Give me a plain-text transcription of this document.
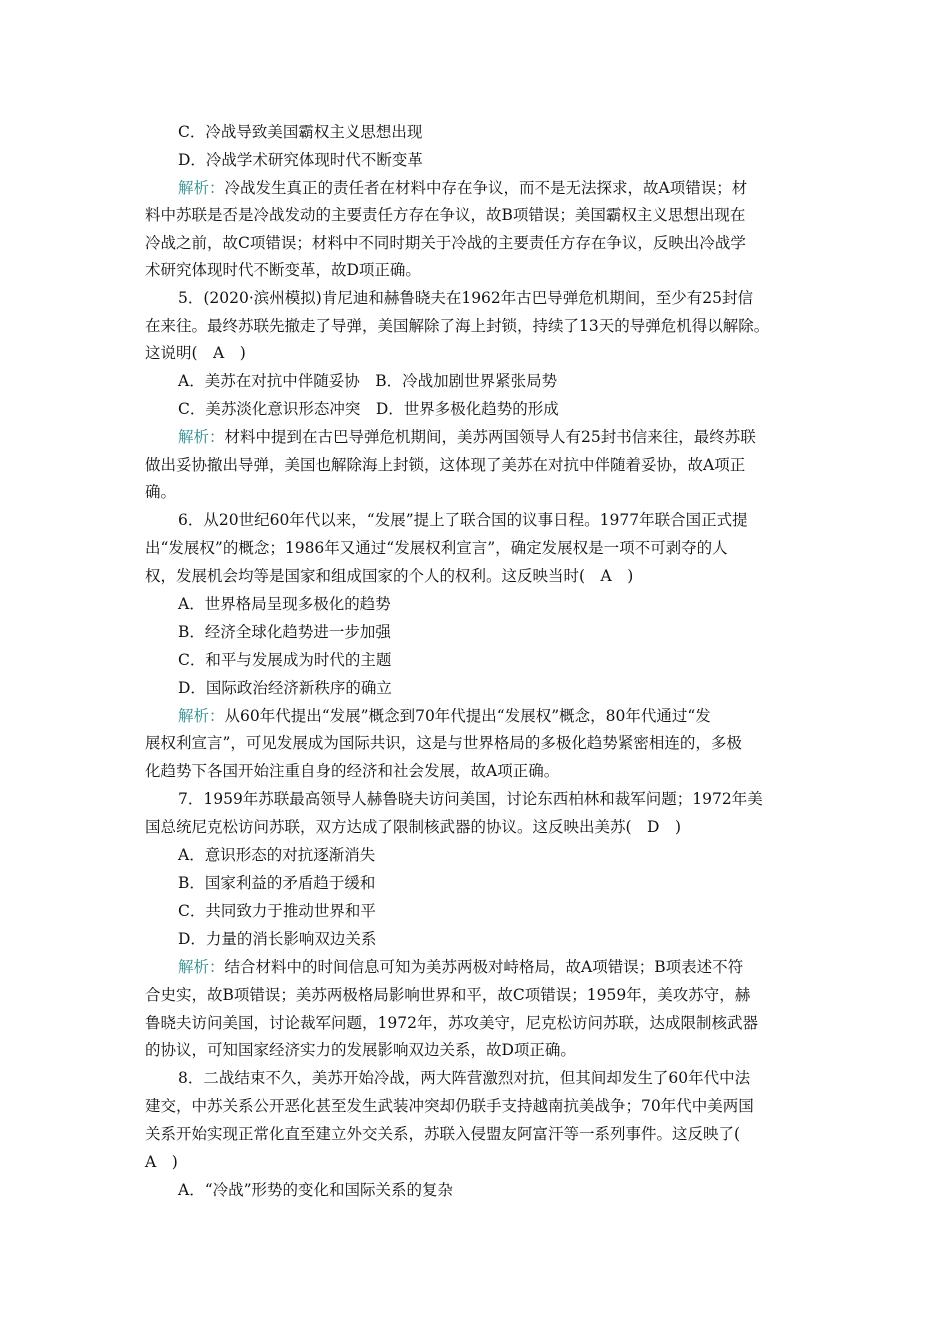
C．冷战导致美国霸权主义思想出现
D．冷战学术研究体现时代不断变革
解析：冷战发生真正的责任者在材料中存在争议，而不是无法探求，故A项错误；材
料中苏联是否是冷战发动的主要责任方存在争议，故B项错误；美国霸权主义思想出现在
冷战之前，故C项错误；材料中不同时期关于冷战的主要责任方存在争议，反映出冷战学
术研究体现时代不断变革，故D项正确。
5．(2020·滨州模拟)肯尼迪和赫鲁晓夫在1962年古巴导弹危机期间，至少有25封信
在来往。最终苏联先撤走了导弹，美国解除了海上封锁，持续了13天的导弹危机得以解除。
这说明(　A　)
A．美苏在对抗中伴随妥协　B．冷战加剧世界紧张局势
C．美苏淡化意识形态冲突　D．世界多极化趋势的形成
解析：材料中提到在古巴导弹危机期间，美苏两国领导人有25封书信来往，最终苏联
做出妥协撤出导弹，美国也解除海上封锁，这体现了美苏在对抗中伴随着妥协，故A项正
确。
6．从20世纪60年代以来，“发展”提上了联合国的议事日程。1977年联合国正式提
出“发展权”的概念；1986年又通过“发展权利宣言”，确定发展权是一项不可剥夺的人
权，发展机会均等是国家和组成国家的个人的权利。这反映当时(　A　)
A．世界格局呈现多极化的趋势
B．经济全球化趋势进一步加强
C．和平与发展成为时代的主题
D．国际政治经济新秩序的确立
解析：从60年代提出“发展”概念到70年代提出“发展权”概念，80年代通过“发
展权利宣言”，可见发展成为国际共识，这是与世界格局的多极化趋势紧密相连的，多极
化趋势下各国开始注重自身的经济和社会发展，故A项正确。
7．1959年苏联最高领导人赫鲁晓夫访问美国，讨论东西柏林和裁军问题；1972年美
国总统尼克松访问苏联，双方达成了限制核武器的协议。这反映出美苏(　D　)
A．意识形态的对抗逐渐消失
B．国家利益的矛盾趋于缓和
C．共同致力于推动世界和平
D．力量的消长影响双边关系
解析：结合材料中的时间信息可知为美苏两极对峙格局，故A项错误；B项表述不符
合史实，故B项错误；美苏两极格局影响世界和平，故C项错误；1959年，美攻苏守，赫
鲁晓夫访问美国，讨论裁军问题，1972年，苏攻美守，尼克松访问苏联，达成限制核武器
的协议，可知国家经济实力的发展影响双边关系，故D项正确。
8．二战结束不久，美苏开始冷战，两大阵营激烈对抗，但其间却发生了60年代中法
建交，中苏关系公开恶化甚至发生武装冲突却仍联手支持越南抗美战争；70年代中美两国
关系开始实现正常化直至建立外交关系，苏联入侵盟友阿富汗等一系列事件。这反映了(
A　)
A．“冷战”形势的变化和国际关系的复杂
